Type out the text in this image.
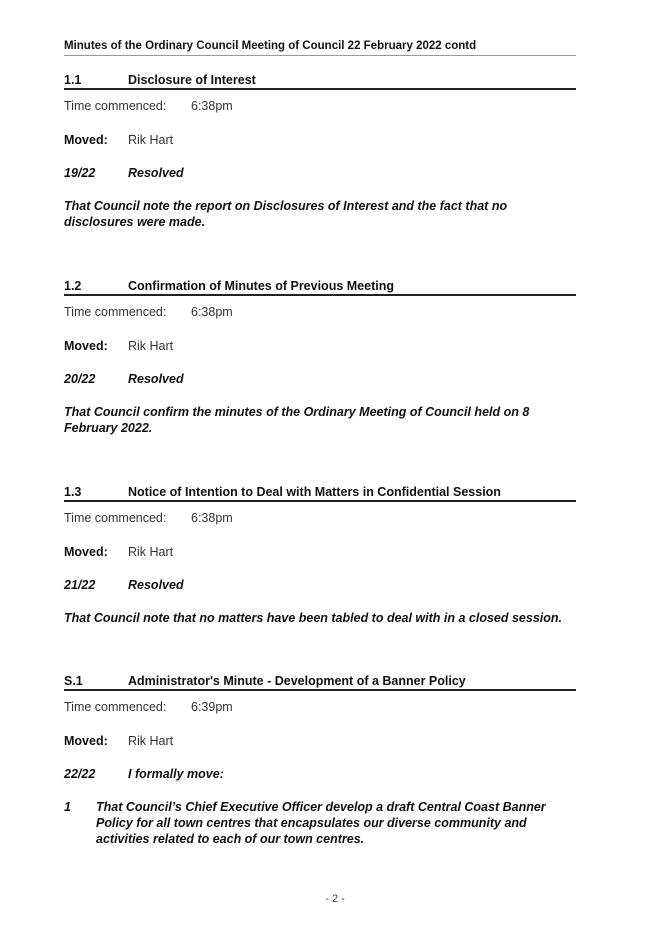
Minutes of the Ordinary Council Meeting of Council 22 February 2022 contd
1.1	Disclosure of Interest
Time commenced:	6:38pm
Moved:	Rik Hart
19/22	Resolved
That Council note the report on Disclosures of Interest and the fact that no disclosures were made.
1.2	Confirmation of Minutes of Previous Meeting
Time commenced:	6:38pm
Moved:	Rik Hart
20/22	Resolved
That Council confirm the minutes of the Ordinary Meeting of Council held on 8 February 2022.
1.3	Notice of Intention to Deal with Matters in Confidential Session
Time commenced:	6:38pm
Moved:	Rik Hart
21/22	Resolved
That Council note that no matters have been tabled to deal with in a closed session.
S.1	Administrator's Minute - Development of a Banner Policy
Time commenced:	6:39pm
Moved:	Rik Hart
22/22	I formally move:
1	That Council’s Chief Executive Officer develop a draft Central Coast Banner Policy for all town centres that encapsulates our diverse community and activities related to each of our town centres.
- 2 -
